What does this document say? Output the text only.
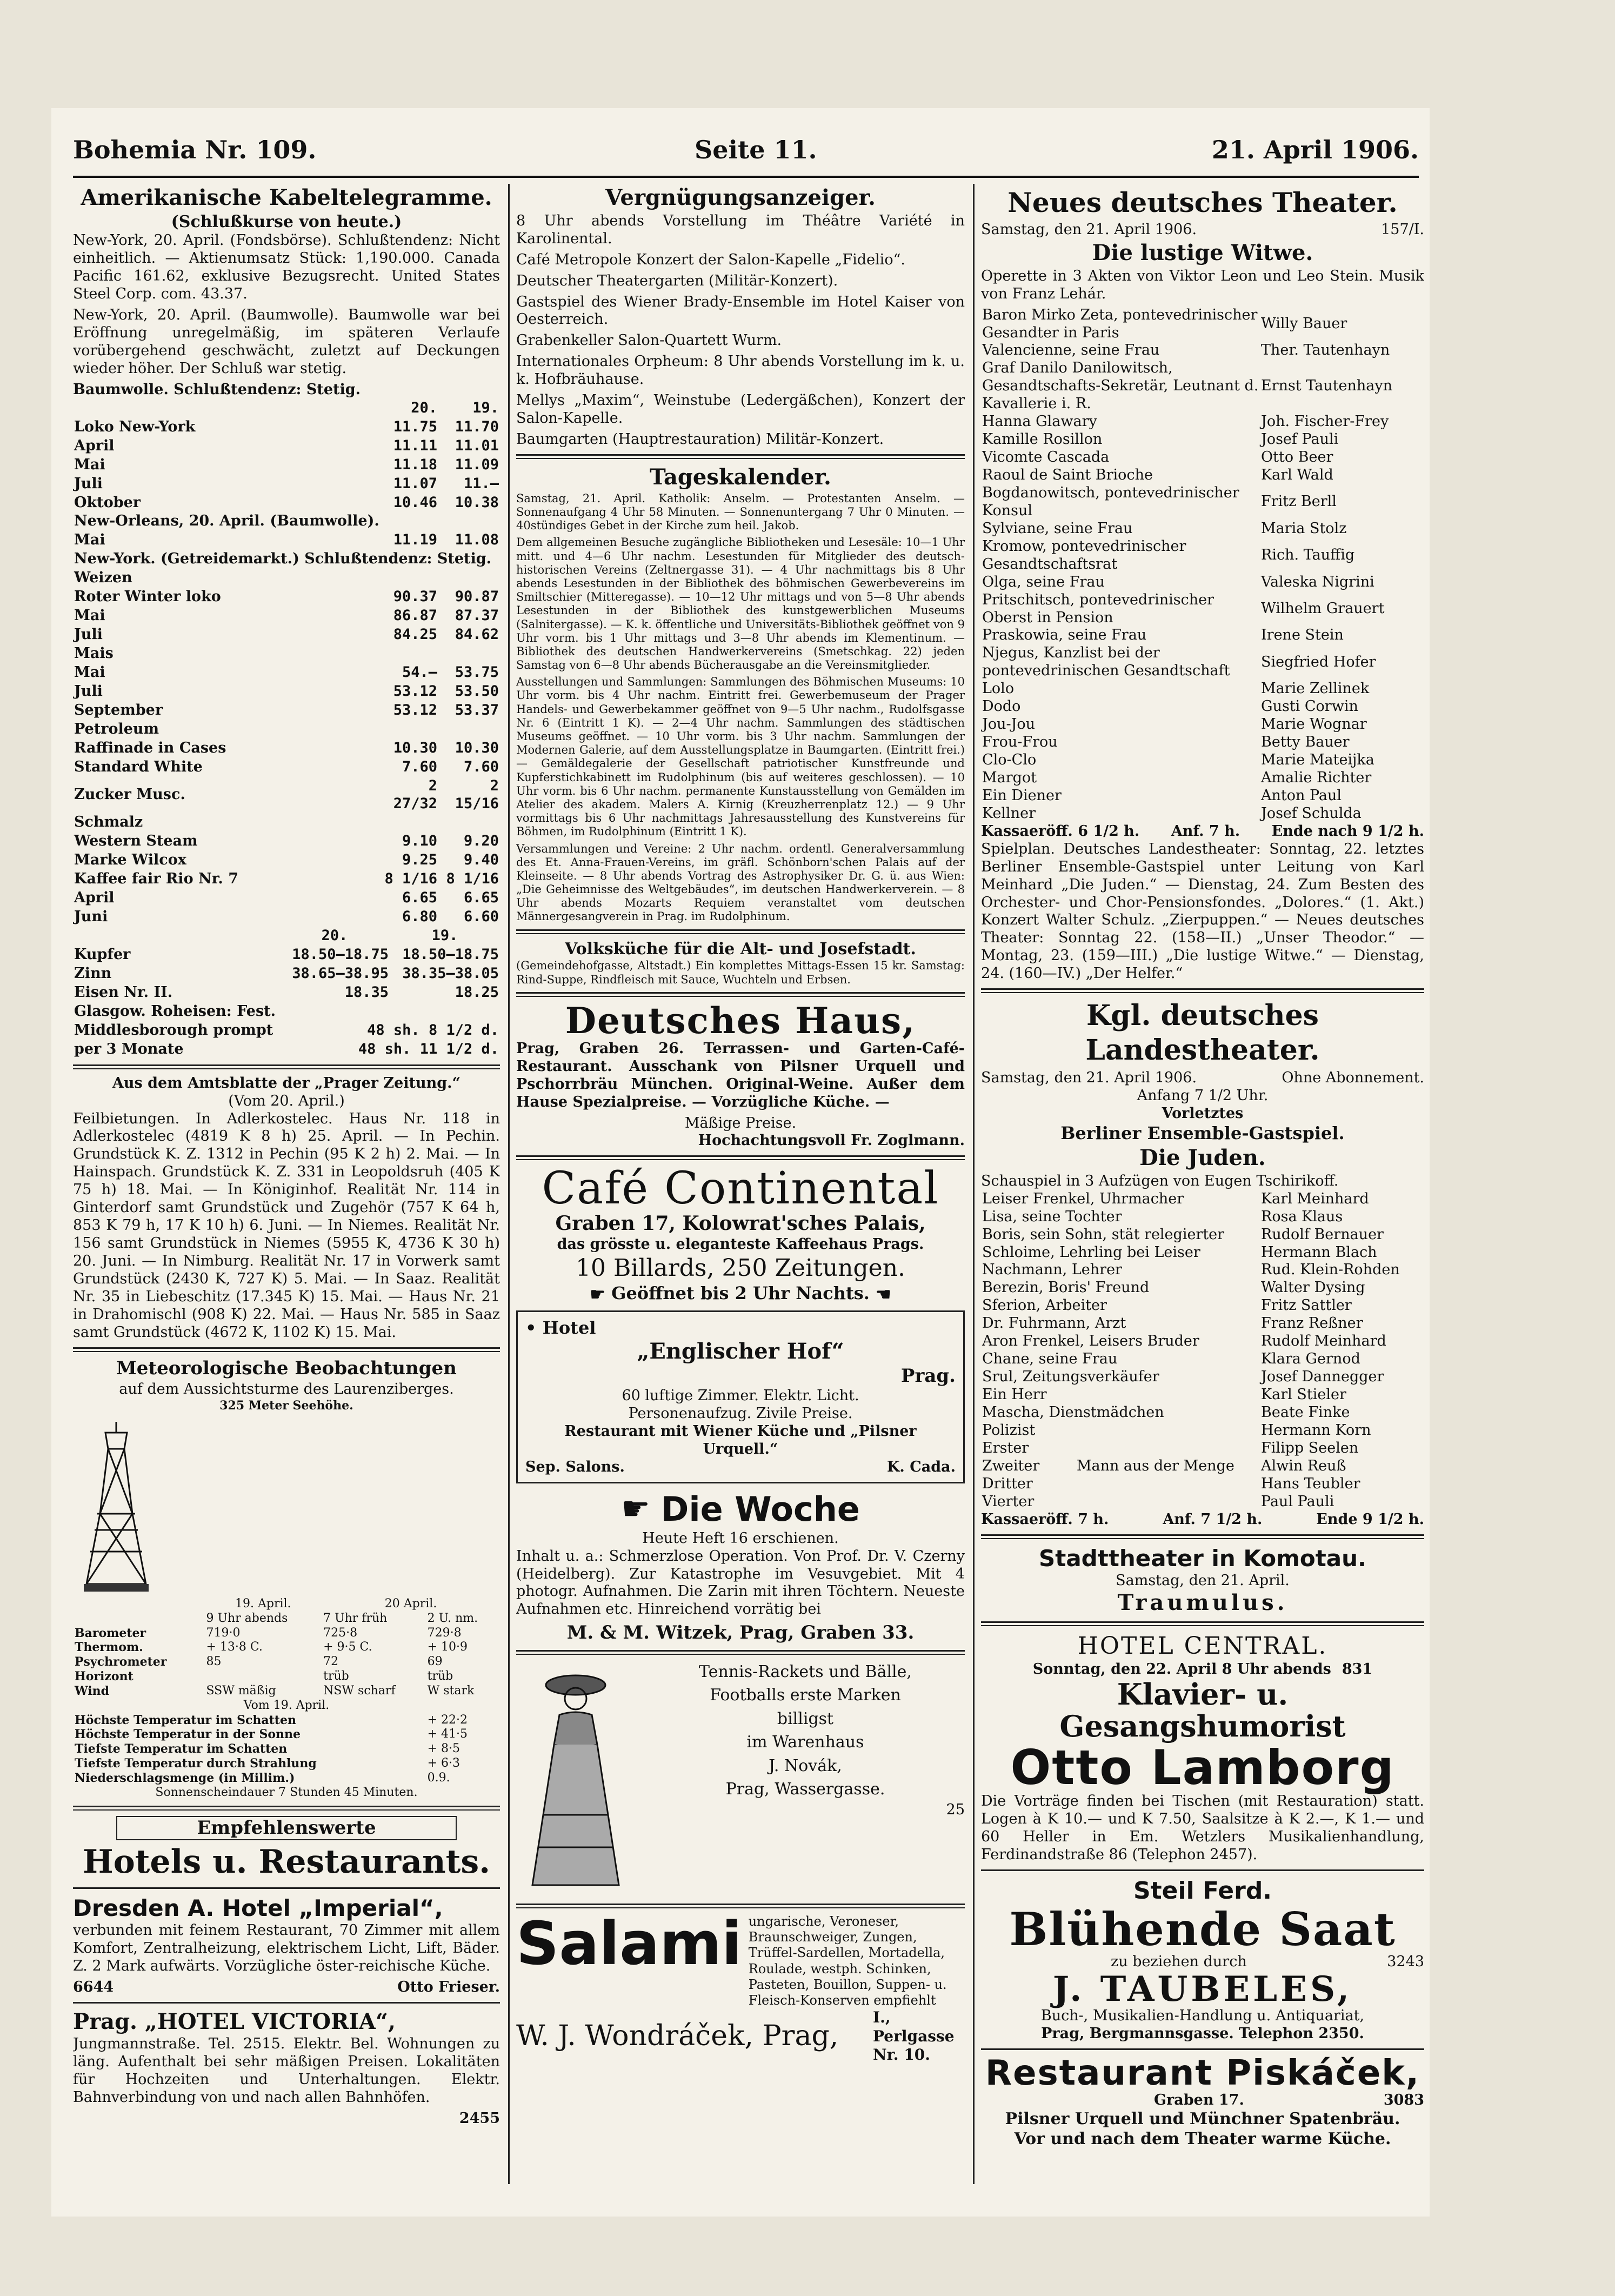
Bohemia Nr. 109.	Seite 11.	21. April 1906.
Amerikanische Kabeltelegramme.
(Schlußkurse von heute.)

New-York, 20. April. (Fondsbörse). Schlußtendenz: Nicht einheitlich. — Aktienumsatz Stück: 1,190.000. Canada Pacific 161.62, exklusive Bezugsrecht. United States Steel Corp. com. 43.37.

New-York, 20. April. (Baumwolle). Baumwolle war bei Eröffnung unregelmäßig, im späteren Verlaufe vorübergehend geschwächt, zuletzt auf Deckungen wieder höher. Der Schluß war stetig.

Baumwolle. Schlußtendenz: Stetig.
	20.	19.
Loko New-York	11.75	11.70
April	11.11	11.01
Mai	11.18	11.09
Juli	11.07	11.—
Oktober	10.46	10.38
New-Orleans, 20. April. (Baumwolle).		
Mai	11.19	11.08
New-York. (Getreidemarkt.) Schlußtendenz: Stetig.		
Weizen		
Roter Winter loko	90.37	90.87
Mai	86.87	87.37
Juli	84.25	84.62
Mais		
Mai	54.—	53.75
Juli	53.12	53.50
September	53.12	53.37
Petroleum		
Raffinade in Cases	10.30	10.30
Standard White	7.60	7.60
Zucker Musc.	2 27/32	2 15/16
Schmalz		
Western Steam	9.10	9.20
Marke Wilcox	9.25	9.40
Kaffee fair Rio Nr. 7	8 1/16	8 1/16
April	6.65	6.65
Juni	6.80	6.60
	20.	19.
Kupfer	18.50—18.75	18.50—18.75
Zinn	38.65—38.95	38.35—38.05
Eisen Nr. II.	18.35	18.25
Glasgow. Roheisen: Fest.		
Middlesborough prompt	48 sh. 8 1/2 d.	
per 3 Monate	48 sh. 11 1/2 d.	
Aus dem Amtsblatte der „Prager Zeitung.“
(Vom 20. April.)

Feilbietungen. In Adlerkostelec. Haus Nr. 118 in Adlerkostelec (4819 K 8 h) 25. April. — In Pechin. Grundstück K. Z. 1312 in Pechin (95 K 2 h) 2. Mai. — In Hainspach. Grundstück K. Z. 331 in Leopoldsruh (405 K 75 h) 18. Mai. — In Königinhof. Realität Nr. 114 in Ginterdorf samt Grundstück und Zugehör (757 K 64 h, 853 K 79 h, 17 K 10 h) 6. Juni. — In Niemes. Realität Nr. 156 samt Grundstück in Niemes (5955 K, 4736 K 30 h) 20. Juni. — In Nimburg. Realität Nr. 17 in Vorwerk samt Grundstück (2430 K, 727 K) 5. Mai. — In Saaz. Realität Nr. 35 in Liebeschitz (17.345 K) 15. Mai. — Haus Nr. 21 in Drahomischl (908 K) 22. Mai. — Haus Nr. 585 in Saaz samt Grundstück (4672 K, 1102 K) 15. Mai.

Meteorologische Beobachtungen
auf dem Aussichtsturme des Laurenziberges.
325 Meter Seehöhe.
	19. April.	20 April.	
	9 Uhr abends	7 Uhr früh	2 U. nm.
Barometer	719·0	725·8	729·8
Thermom.	+ 13·8 C.	+ 9·5 C.	+ 10·9
Psychrometer	85	72	69
Horizont		trüb	trüb
Wind	SSW mäßig	NSW scharf	W stark
Vom 19. April.			
Höchste Temperatur im Schatten			+ 22·2
Höchste Temperatur in der Sonne			+ 41·5
Tiefste Temperatur im Schatten			+ 8·5
Tiefste Temperatur durch Strahlung			+ 6·3
Niederschlagsmenge (in Millim.)			0.9.
Sonnenscheindauer 7 Stunden 45 Minuten.
Empfehlenswerte
Hotels u. Restaurants.
Dresden A. Hotel „Imperial“,

verbunden mit feinem Restaurant, 70 Zimmer mit allem Komfort, Zentralheizung, elektrischem Licht, Lift, Bäder. Z. 2 Mark aufwärts. Vorzügliche öster-reichische Küche.

6644	Otto Frieser.
Prag. „HOTEL VICTORIA“,

Jungmannstraße. Tel. 2515. Elektr. Bel. Wohnungen zu läng. Aufenthalt bei sehr mäßigen Preisen. Lokalitäten für Hochzeiten und Unterhaltungen. Elektr. Bahnverbindung von und nach allen Bahnhöfen.

2455
Vergnügungsanzeiger.

8 Uhr abends Vorstellung im Théâtre Variété in Karolinental.

Café Metropole Konzert der Salon-Kapelle „Fidelio“.

Deutscher Theatergarten (Militär-Konzert).

Gastspiel des Wiener Brady-Ensemble im Hotel Kaiser von Oesterreich.

Grabenkeller Salon-Quartett Wurm.

Internationales Orpheum: 8 Uhr abends Vorstellung im k. u. k. Hofbräuhause.

Mellys „Maxim“, Weinstube (Ledergäßchen), Konzert der Salon-Kapelle.

Baumgarten (Hauptrestauration) Militär-Konzert.

Tageskalender.

Samstag, 21. April. Katholik: Anselm. — Protestanten Anselm. — Sonnenaufgang 4 Uhr 58 Minuten. — Sonnenuntergang 7 Uhr 0 Minuten. — 40stündiges Gebet in der Kirche zum heil. Jakob.

Dem allgemeinen Besuche zugängliche Bibliotheken und Lesesäle: 10—1 Uhr mitt. und 4—6 Uhr nachm. Lesestunden für Mitglieder des deutsch-historischen Vereins (Zeltnergasse 31). — 4 Uhr nachmittags bis 8 Uhr abends Lesestunden in der Bibliothek des böhmischen Gewerbevereins im Smiltschier (Mitteregasse). — 10—12 Uhr mittags und von 5—8 Uhr abends Lesestunden in der Bibliothek des kunstgewerblichen Museums (Salnitergasse). — K. k. öffentliche und Universitäts-Bibliothek geöffnet von 9 Uhr vorm. bis 1 Uhr mittags und 3—8 Uhr abends im Klementinum. — Bibliothek des deutschen Handwerkervereins (Smetschkag. 22) jeden Samstag von 6—8 Uhr abends Bücherausgabe an die Vereinsmitglieder.

Ausstellungen und Sammlungen: Sammlungen des Böhmischen Museums: 10 Uhr vorm. bis 4 Uhr nachm. Eintritt frei. Gewerbemuseum der Prager Handels- und Gewerbekammer geöffnet von 9—5 Uhr nachm., Rudolfsgasse Nr. 6 (Eintritt 1 K). — 2—4 Uhr nachm. Sammlungen des städtischen Museums geöffnet. — 10 Uhr vorm. bis 3 Uhr nachm. Sammlungen der Modernen Galerie, auf dem Ausstellungsplatze in Baumgarten. (Eintritt frei.) — Gemäldegalerie der Gesellschaft patriotischer Kunstfreunde und Kupferstichkabinett im Rudolphinum (bis auf weiteres geschlossen). — 10 Uhr vorm. bis 6 Uhr nachm. permanente Kunstausstellung von Gemälden im Atelier des akadem. Malers A. Kirnig (Kreuzherrenplatz 12.) — 9 Uhr vormittags bis 6 Uhr nachmittags Jahresausstellung des Kunstvereins für Böhmen, im Rudolphinum (Eintritt 1 K).

Versammlungen und Vereine: 2 Uhr nachm. ordentl. Generalversammlung des Et. Anna-Frauen-Vereins, im gräfl. Schönborn'schen Palais auf der Kleinseite. — 8 Uhr abends Vortrag des Astrophysiker Dr. G. ü. aus Wien: „Die Geheimnisse des Weltgebäudes“, im deutschen Handwerkerverein. — 8 Uhr abends Mozarts Requiem veranstaltet vom deutschen Männergesangverein in Prag. im Rudolphinum.

Volksküche für die Alt- und Josefstadt.

(Gemeindehofgasse, Altstadt.) Ein komplettes Mittags-Essen 15 kr. Samstag: Rind-Suppe, Rindfleisch mit Sauce, Wuchteln und Erbsen.

Deutsches Haus,

Prag, Graben 26. Terrassen- und Garten-Café-Restaurant. Ausschank von Pilsner Urquell und Pschorrbräu München. Original-Weine. Außer dem Hause Spezialpreise. — Vorzügliche Küche. —

Mäßige Preise.
Hochachtungsvoll Fr. Zoglmann.
Café Continental
Graben 17, Kolowrat'sches Palais,
das grösste u. eleganteste Kaffeehaus Prags.
10 Billards, 250 Zeitungen.
☛ Geöffnet bis 2 Uhr Nachts. ☚
• Hotel
„Englischer Hof“
Prag.
60 luftige Zimmer. Elektr. Licht.
Personenaufzug. Zivile Preise.
Restaurant mit Wiener Küche und „Pilsner Urquell.“
Sep. Salons.	K. Cada.
☛ Die Woche
Heute Heft 16 erschienen.

Inhalt u. a.: Schmerzlose Operation. Von Prof. Dr. V. Czerny (Heidelberg). Zur Katastrophe im Vesuvgebiet. Mit 4 photogr. Aufnahmen. Die Zarin mit ihren Töchtern. Neueste Aufnahmen etc. Hinreichend vorrätig bei

M. & M. Witzek, Prag, Graben 33.
Tennis-Rackets und Bälle,
Footballs erste Marken
billigst
im Warenhaus
J. Novák,
Prag, Wassergasse.
25
Salami ungarische, Veroneser, Braunschweiger, Zungen, Trüffel-Sardellen, Mortadella, Roulade, westph. Schinken, Pasteten, Bouillon, Suppen- u. Fleisch-Konserven empfiehlt
W. J. Wondráček, Prag,
I., Perlgasse Nr. 10.
Neues deutsches Theater.
Samstag, den 21. April 1906.	157/I.
Die lustige Witwe.

Operette in 3 Akten von Viktor Leon und Leo Stein. Musik von Franz Lehár.

Baron Mirko Zeta, pontevedrinischer Gesandter in Paris	Willy Bauer
Valencienne, seine Frau	Ther. Tautenhayn
Graf Danilo Danilowitsch, Gesandtschafts-Sekretär, Leutnant d. Kavallerie i. R.	Ernst Tautenhayn
Hanna Glawary	Joh. Fischer-Frey
Kamille Rosillon	Josef Pauli
Vicomte Cascada	Otto Beer
Raoul de Saint Brioche	Karl Wald
Bogdanowitsch, pontevedrinischer Konsul	Fritz Berll
Sylviane, seine Frau	Maria Stolz
Kromow, pontevedrinischer Gesandtschaftsrat	Rich. Tauffig
Olga, seine Frau	Valeska Nigrini
Pritschitsch, pontevedrinischer Oberst in Pension	Wilhelm Grauert
Praskowia, seine Frau	Irene Stein
Njegus, Kanzlist bei der pontevedrinischen Gesandtschaft	Siegfried Hofer
Lolo	Marie Zellinek
Dodo	Gusti Corwin
Jou-Jou	Marie Wognar
Frou-Frou	Betty Bauer
Clo-Clo	Marie Mateijka
Margot	Amalie Richter
Ein Diener	Anton Paul
Kellner	Josef Schulda
Kassaeröff. 6 1/2 h. Anf. 7 h. Ende nach 9 1/2 h.

Spielplan. Deutsches Landestheater: Sonntag, 22. letztes Berliner Ensemble-Gastspiel unter Leitung von Karl Meinhard „Die Juden.“ — Dienstag, 24. Zum Besten des Orchester- und Chor-Pensionsfondes. „Dolores.“ (1. Akt.) Konzert Walter Schulz. „Zierpuppen.“ — Neues deutsches Theater: Sonntag 22. (158—II.) „Unser Theodor.“ — Montag, 23. (159—III.) „Die lustige Witwe.“ — Dienstag, 24. (160—IV.) „Der Helfer.“

Kgl. deutsches Landestheater.
Samstag, den 21. April 1906.	Ohne Abonnement.
Anfang 7 1/2 Uhr.
Vorletztes
Berliner Ensemble-Gastspiel.
Die Juden.
Schauspiel in 3 Aufzügen von Eugen Tschirikoff.
Leiser Frenkel, Uhrmacher	Karl Meinhard
Lisa, seine Tochter	Rosa Klaus
Boris, sein Sohn, stät relegierter	Rudolf Bernauer
Schloime, Lehrling bei Leiser	Hermann Blach
Nachmann, Lehrer	Rud. Klein-Rohden
Berezin, Boris' Freund	Walter Dysing
Sferion, Arbeiter	Fritz Sattler
Dr. Fuhrmann, Arzt	Franz Reßner
Aron Frenkel, Leisers Bruder	Rudolf Meinhard
Chane, seine Frau	Klara Gernod
Srul, Zeitungsverkäufer	Josef Dannegger
Ein Herr	Karl Stieler
Mascha, Dienstmädchen	Beate Finke
Polizist	Hermann Korn
Erster	Filipp Seelen
Zweiter Mann aus der Menge	Alwin Reuß
Dritter	Hans Teubler
Vierter	Paul Pauli
Kassaeröff. 7 h.	Anf. 7 1/2 h.	Ende 9 1/2 h.
Stadttheater in Komotau.
Samstag, den 21. April.
Traumulus.
HOTEL CENTRAL.
Sonntag, den 22. April 8 Uhr abends 831
Klavier- u. Gesangshumorist
Otto Lamborg

Die Vorträge finden bei Tischen (mit Restauration) statt. Logen à K 10.— und K 7.50, Saalsitze à K 2.—, K 1.— und 60 Heller in Em. Wetzlers Musikalienhandlung, Ferdinandstraße 86 (Telephon 2457).

Steil Ferd.
Blühende Saat
zu beziehen durch	3243
J. TAUBELES,
Buch-, Musikalien-Handlung u. Antiquariat,
Prag, Bergmannsgasse. Telephon 2350.
Restaurant Piskáček,
Graben 17.	3083
Pilsner Urquell und Münchner Spatenbräu.
Vor und nach dem Theater warme Küche.
